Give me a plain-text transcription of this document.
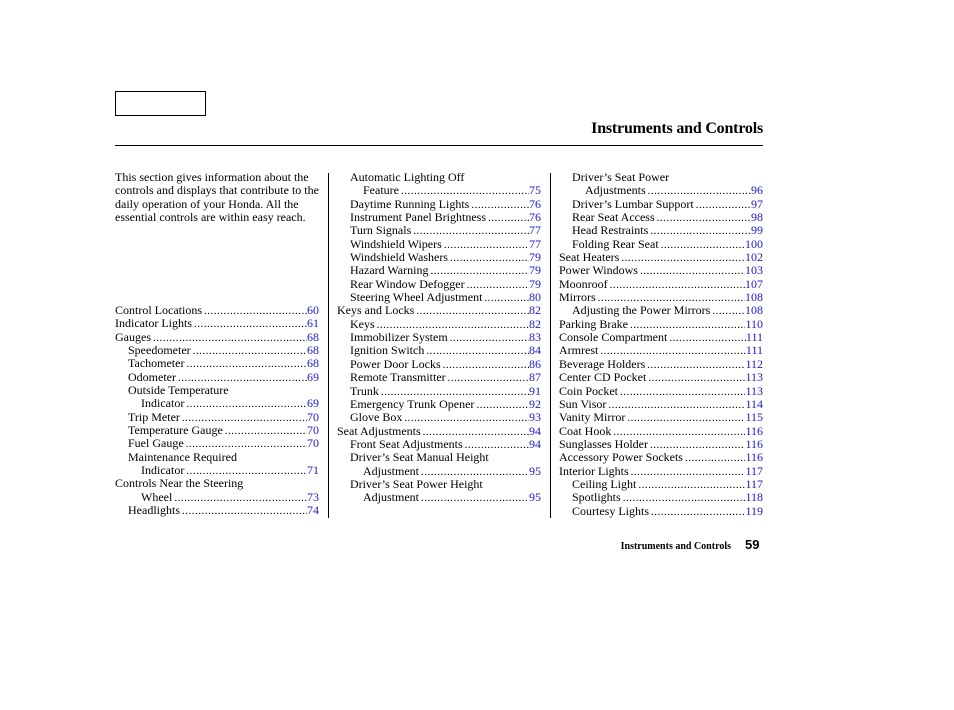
Instruments and Controls
This section gives information about the controls and displays that contribute to the daily operation of your Honda. All the essential controls are within easy reach.
Control Locations .....	60
Indicator Lights .....	61
Gauges .....	68
Speedometer .....	68
Tachometer .....	68
Odometer .....	69
Outside Temperature
Indicator .....	69
Trip Meter .....	70
Temperature Gauge .....	70
Fuel Gauge .....	70
Maintenance Required
Indicator .....	71
Controls Near the Steering
Wheel .....	73
Headlights .....	74
Automatic Lighting Off
Feature .....	75
Daytime Running Lights .....	76
Instrument Panel Brightness .....	76
Turn Signals .....	77
Windshield Wipers .....	77
Windshield Washers .....	79
Hazard Warning .....	79
Rear Window Defogger .....	79
Steering Wheel Adjustment .....	80
Keys and Locks .....	82
Keys .....	82
Immobilizer System .....	83
Ignition Switch .....	84
Power Door Locks .....	86
Remote Transmitter .....	87
Trunk .....	91
Emergency Trunk Opener .....	92
Glove Box .....	93
Seat Adjustments .....	94
Front Seat Adjustments .....	94
Driver’s Seat Manual Height
Adjustment .....	95
Driver’s Seat Power Height
Adjustment .....	95
Driver’s Seat Power
Adjustments .....	96
Driver’s Lumbar Support .....	97
Rear Seat Access .....	98
Head Restraints .....	99
Folding Rear Seat .....	100
Seat Heaters .....	102
Power Windows .....	103
Moonroof .....	107
Mirrors .....	108
Adjusting the Power Mirrors .....	108
Parking Brake .....	110
Console Compartment .....	111
Armrest .....	111
Beverage Holders .....	112
Center CD Pocket .....	113
Coin Pocket .....	113
Sun Visor .....	114
Vanity Mirror .....	115
Coat Hook .....	116
Sunglasses Holder .....	116
Accessory Power Sockets .....	116
Interior Lights .....	117
Ceiling Light .....	117
Spotlights .....	118
Courtesy Lights .....	119
Instruments and Controls 59
